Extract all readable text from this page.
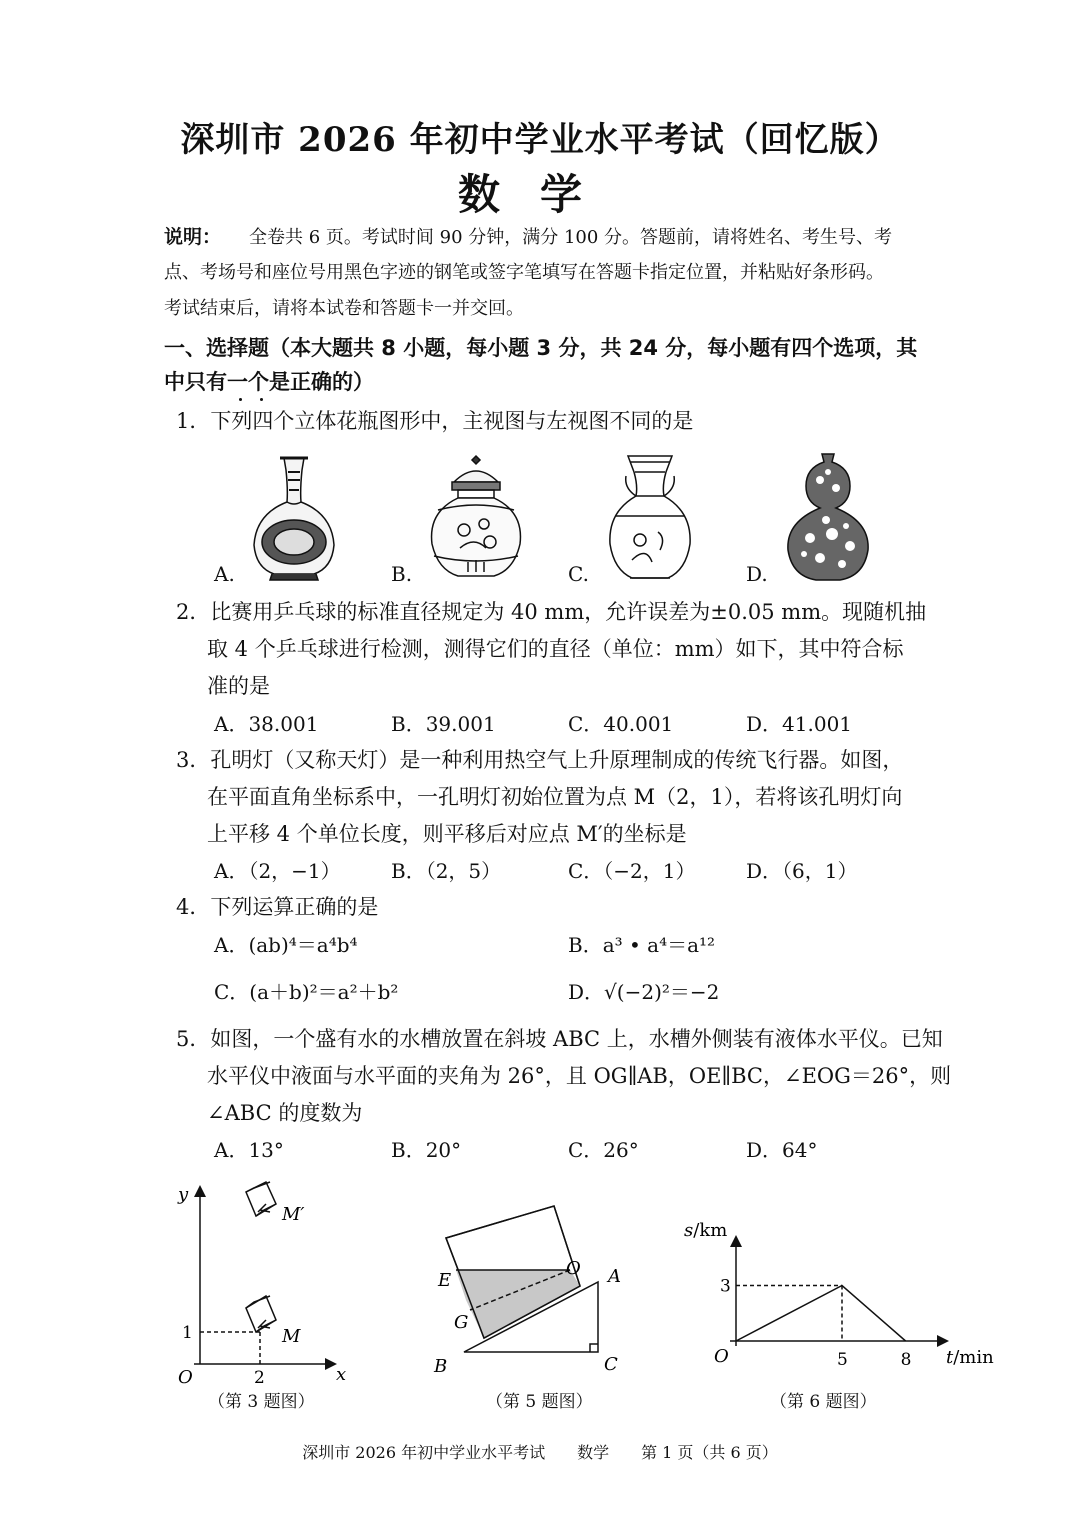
深圳市 2026 年初中学业水平考试（回忆版）
数学
说明： 全卷共 6 页。考试时间 90 分钟，满分 100 分。答题前，请将姓名、考生号、考
点、考场号和座位号用黑色字迹的钢笔或签字笔填写在答题卡指定位置，并粘贴好条形码。
考试结束后，请将本试卷和答题卡一并交回。
一、选择题（本大题共 8 小题，每小题 3 分，共 24 分，每小题有四个选项，其
中只有一个是正确的）
1．下列四个立体花瓶图形中，主视图与左视图不同的是
A.	B.	C.	D.
2．比赛用乒乓球的标准直径规定为 40 mm，允许误差为±0.05 mm。现随机抽
取 4 个乒乓球进行检测，测得它们的直径（单位：mm）如下，其中符合标
准的是
A．38.001	B．39.001	C．40.001	D．41.001
3．孔明灯（又称天灯）是一种利用热空气上升原理制成的传统飞行器。如图，
在平面直角坐标系中，一孔明灯初始位置为点 M（2，1），若将该孔明灯向
上平移 4 个单位长度，则平移后对应点 M′的坐标是
A．（2，−1）	B．（2，5）	C．（−2，1）	D．（6，1）
4．下列运算正确的是
A．(ab)⁴＝a⁴b⁴	B．a³ • a⁴＝a¹²
C．(a＋b)²＝a²＋b²	D．√(−2)²＝−2
5．如图，一个盛有水的水槽放置在斜坡 ABC 上，水槽外侧装有液体水平仪。已知
水平仪中液面与水平面的夹角为 26°，且 OG∥AB，OE∥BC，∠EOG＝26°，则
∠ABC 的度数为
A．13°	B．20°	C．26°	D．64°
y
x
O
1
2
M
M′
（第 3 题图）
E
O A
G
B	C
（第 5 题图）
s/km
3
O	5	8 t/min
（第 6 题图）
深圳市 2026 年初中学业水平考试　　数学　　第 1 页（共 6 页）
